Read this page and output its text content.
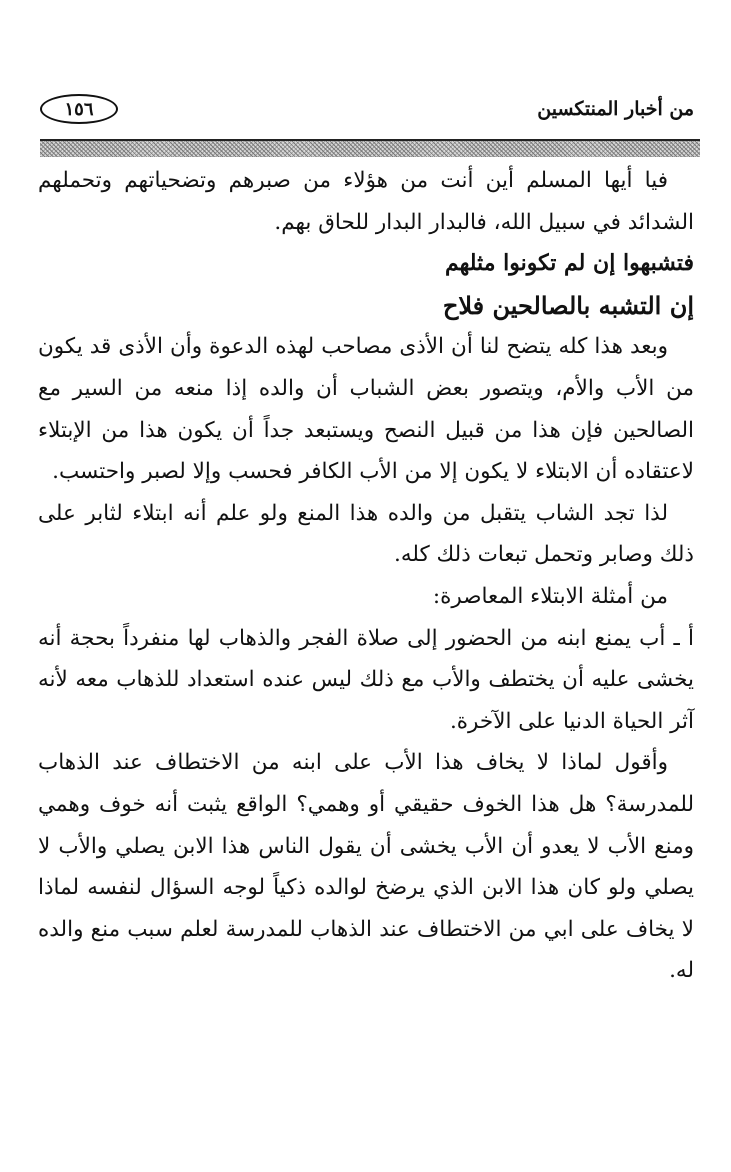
من أخبار المنتكسين
١٥٦

فيا أيها المسلم أين أنت من هؤلاء من صبرهم وتضحياتهم وتحملهم الشدائد في سبيل الله، فالبدار البدار للحاق بهم.

فتشبهوا إن لم تكونوا مثلهم

إن التشبه بالصالحين فلاح

وبعد هذا كله يتضح لنا أن الأذى مصاحب لهذه الدعوة وأن الأذى قد يكون من الأب والأم، ويتصور بعض الشباب أن والده إذا منعه من السير مع الصالحين فإن هذا من قبيل النصح ويستبعد جداً أن يكون هذا من الإبتلاء لاعتقاده أن الابتلاء لا يكون إلا من الأب الكافر فحسب وإلا لصبر واحتسب.

لذا تجد الشاب يتقبل من والده هذا المنع ولو علم أنه ابتلاء لثابر على ذلك وصابر وتحمل تبعات ذلك كله.

من أمثلة الابتلاء المعاصرة:

أ ـ أب يمنع ابنه من الحضور إلى صلاة الفجر والذهاب لها منفرداً بحجة أنه يخشى عليه أن يختطف والأب مع ذلك ليس عنده استعداد للذهاب معه لأنه آثر الحياة الدنيا على الآخرة.

وأقول لماذا لا يخاف هذا الأب على ابنه من الاختطاف عند الذهاب للمدرسة؟ هل هذا الخوف حقيقي أو وهمي؟ الواقع يثبت أنه خوف وهمي ومنع الأب لا يعدو أن الأب يخشى أن يقول الناس هذا الابن يصلي والأب لا يصلي ولو كان هذا الابن الذي يرضخ لوالده ذكياً لوجه السؤال لنفسه لماذا لا يخاف على ابي من الاختطاف عند الذهاب للمدرسة لعلم سبب منع والده له.
